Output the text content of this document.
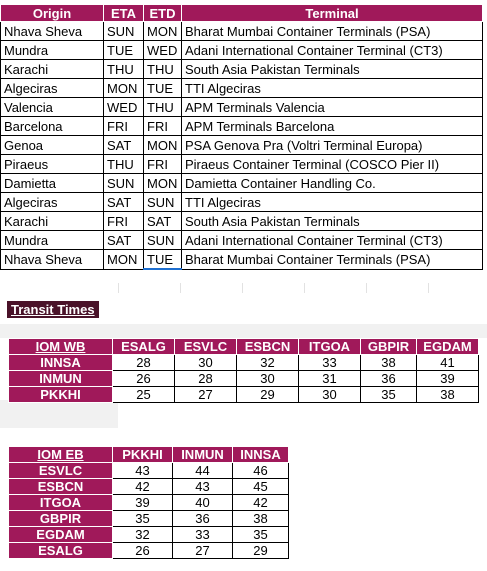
Origin	ETA	ETD	Terminal
Nhava Sheva	SUN	MON	Bharat Mumbai Container Terminals (PSA)
Mundra	TUE	WED	Adani International Container Terminal (CT3)
Karachi	THU	THU	South Asia Pakistan Terminals
Algeciras	MON	TUE	TTI Algeciras
Valencia	WED	THU	APM Terminals Valencia
Barcelona	FRI	FRI	APM Terminals Barcelona
Genoa	SAT	MON	PSA Genova Pra (Voltri Terminal Europa)
Piraeus	THU	FRI	Piraeus Container Terminal (COSCO Pier II)
Damietta	SUN	MON	Damietta Container Handling Co.
Algeciras	SAT	SUN	TTI Algeciras
Karachi	FRI	SAT	South Asia Pakistan Terminals
Mundra	SAT	SUN	Adani International Container Terminal (CT3)
Nhava Sheva	MON	TUE	Bharat Mumbai Container Terminals (PSA)
Transit Times
IOM WB	ESALG	ESVLC	ESBCN	ITGOA	GBPIR	EGDAM
INNSA	28	30	32	33	38	41
INMUN	26	28	30	31	36	39
PKKHI	25	27	29	30	35	38
IOM EB	PKKHI	INMUN	INNSA
ESVLC	43	44	46
ESBCN	42	43	45
ITGOA	39	40	42
GBPIR	35	36	38
EGDAM	32	33	35
ESALG	26	27	29
